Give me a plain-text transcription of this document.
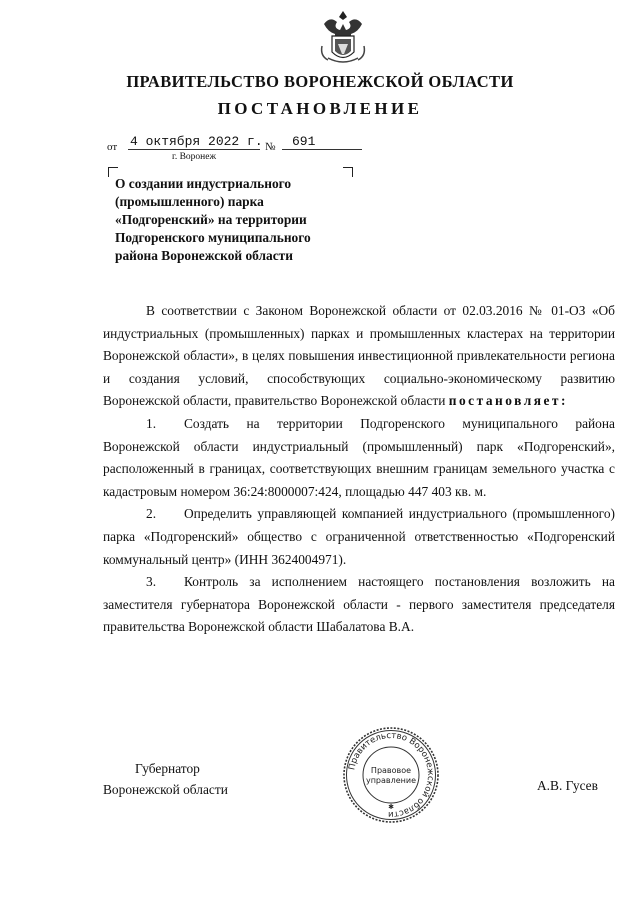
ПРАВИТЕЛЬСТВО ВОРОНЕЖСКОЙ ОБЛАСТИ
ПОСТАНОВЛЕНИЕ
от 4 октября 2022 г. №	691
г. Воронеж
О создании индустриального
(промышленного) парка
«Подгоренский» на территории
Подгоренского муниципального
района Воронежской области

В соответствии с Законом Воронежской области от 02.03.2016 № 01-ОЗ «Об индустриальных (промышленных) парках и промышленных кластерах на территории Воронежской области», в целях повышения инвестиционной привлекательности региона и создания условий, способствующих социально-экономическому развитию Воронежской области, правительство Воронежской области постановляет:

1. Создать на территории Подгоренского муниципального района Воронежской области индустриальный (промышленный) парк «Подгоренский», расположенный в границах, соответствующих внешним границам земельного участка с кадастровым номером 36:24:8000007:424, площадью 447 403 кв. м.

2. Определить управляющей компанией индустриального (промышленного) парка «Подгоренский» общество с ограниченной ответственностью «Подгоренский коммунальный центр» (ИНН 3624004971).

3. Контроль за исполнением настоящего постановления возложить на заместителя губернатора Воронежской области - первого заместителя председателя правительства Воронежской области Шабалатова В.А.

Губернатор
Воронежской области
Правительство Воронежской области
Правовое
управление
✱
А.В. Гусев
